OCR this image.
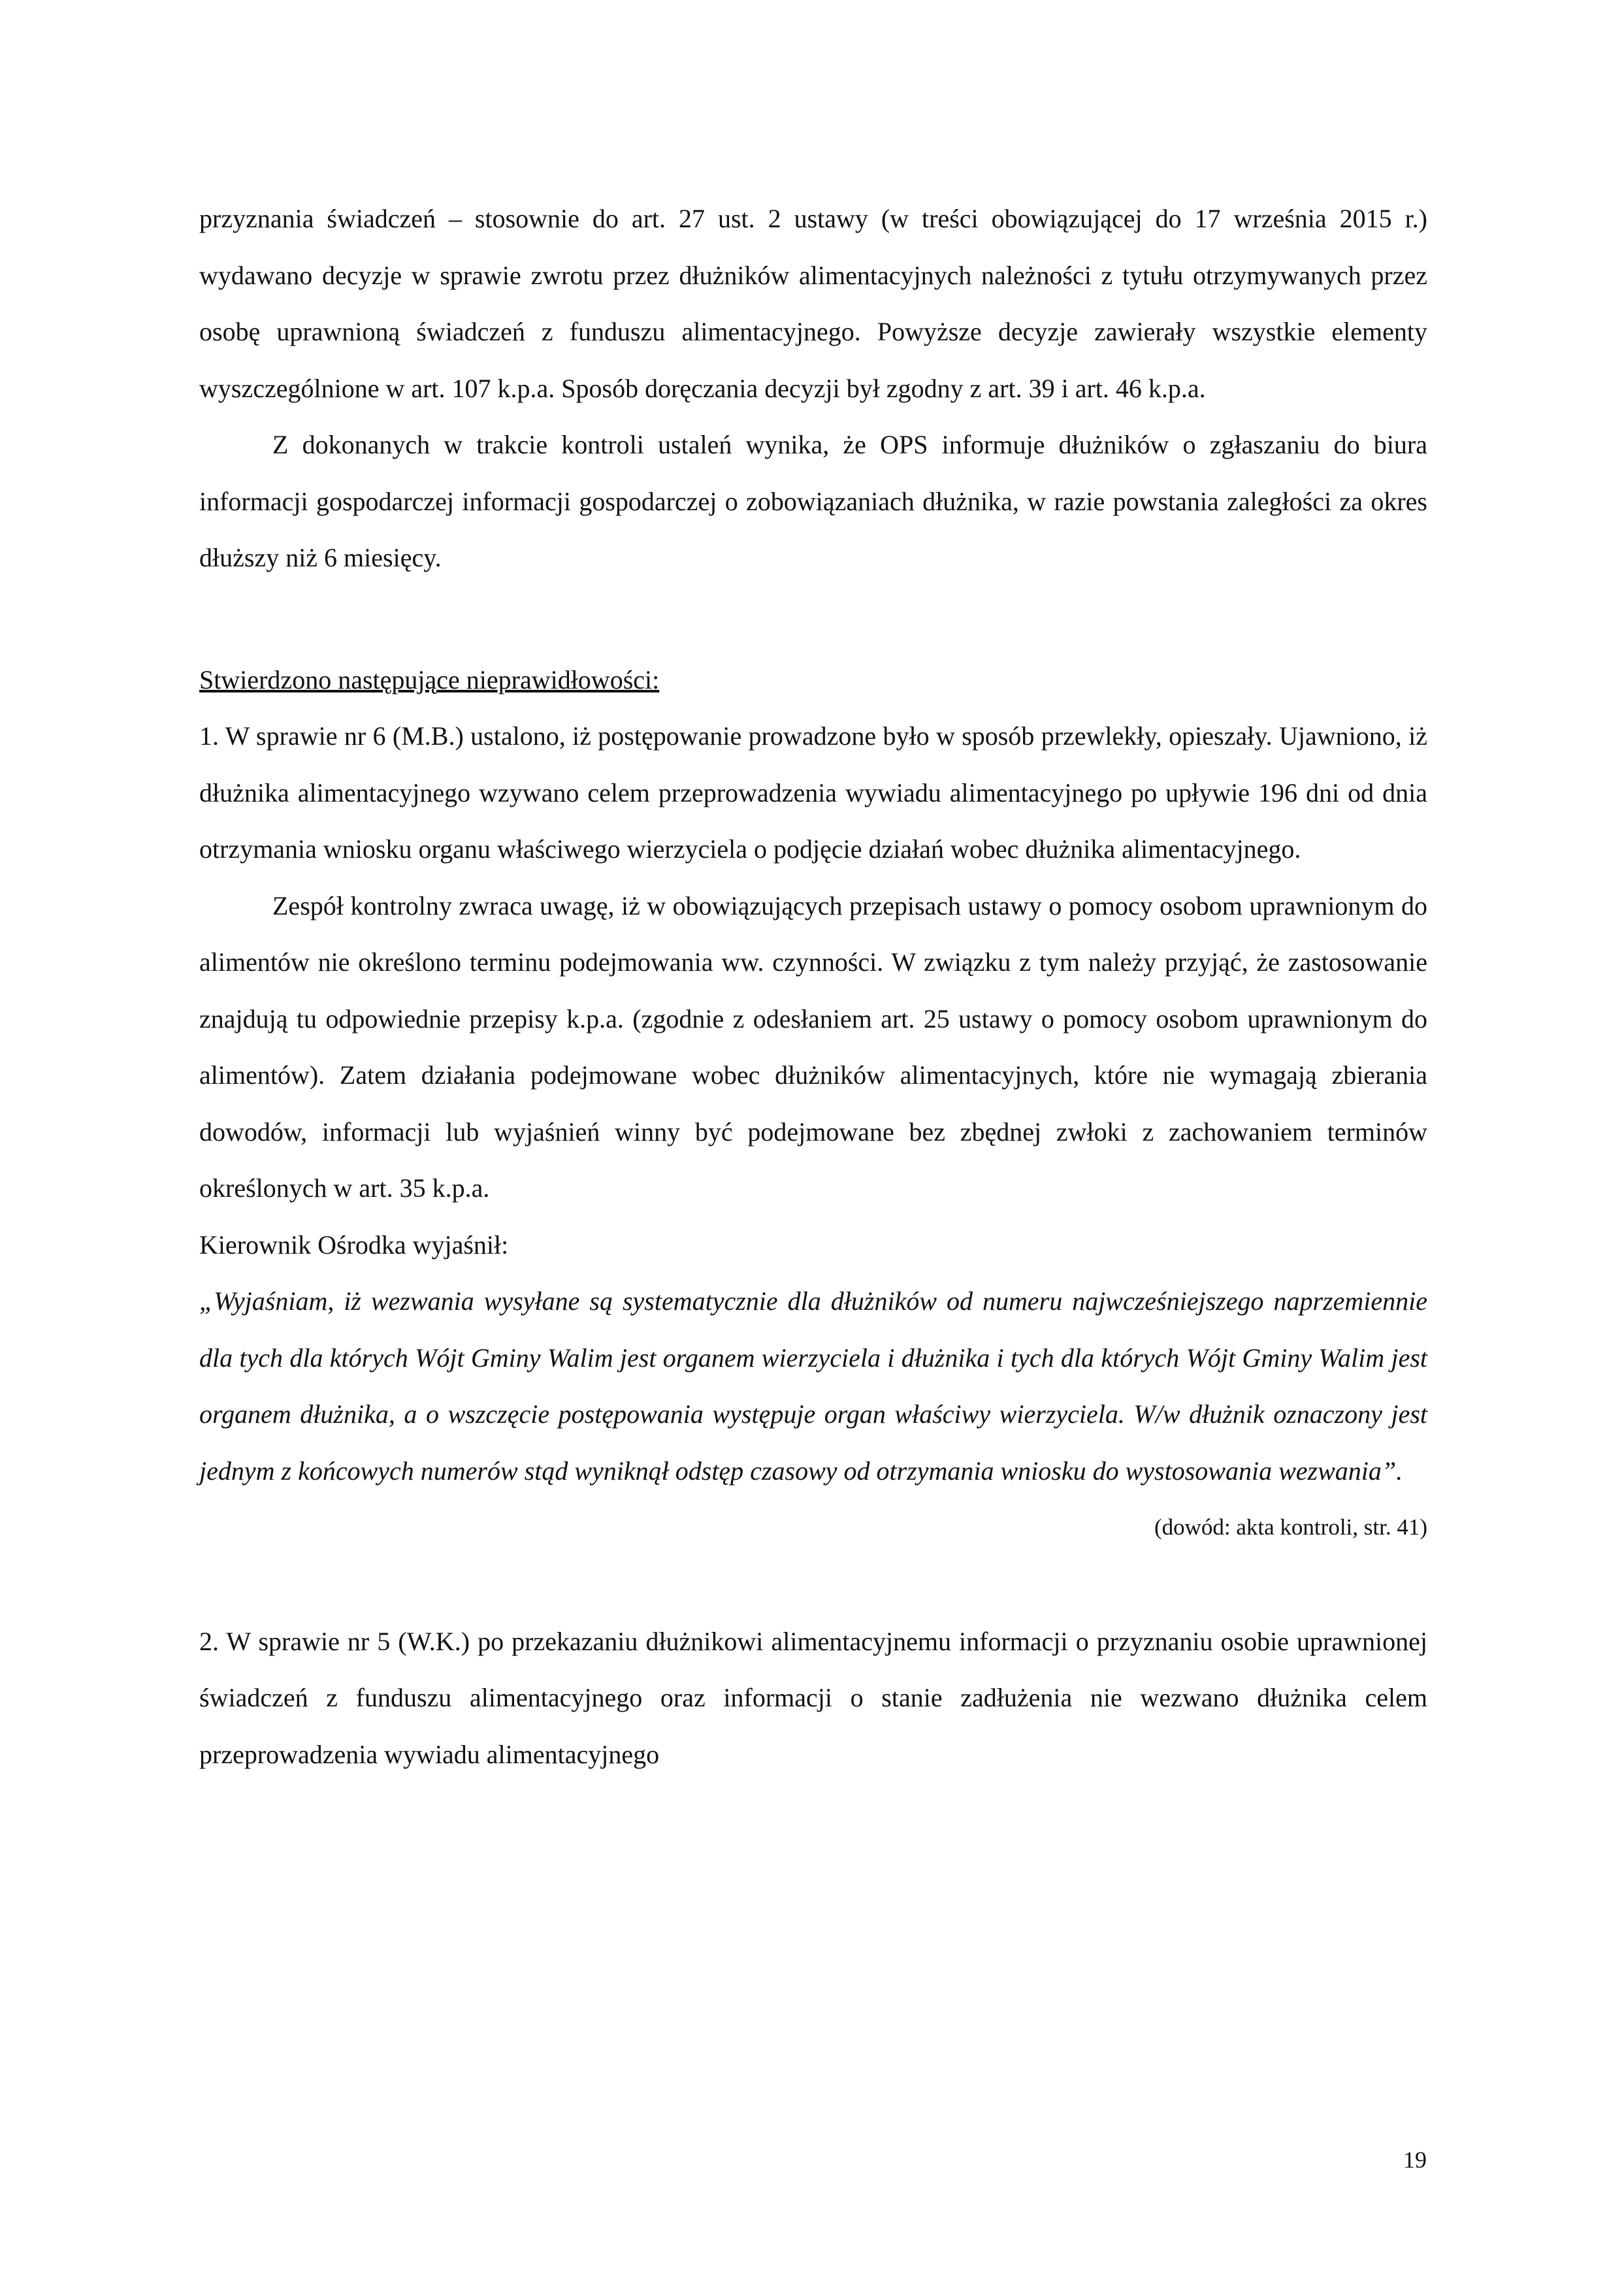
przyznania świadczeń – stosownie do art. 27 ust. 2 ustawy (w treści obowiązującej do 17 września 2015 r.) wydawano decyzje w sprawie zwrotu przez dłużników alimentacyjnych należności z tytułu otrzymywanych przez osobę uprawnioną świadczeń z funduszu alimentacyjnego. Powyższe decyzje zawierały wszystkie elementy wyszczególnione w art. 107 k.p.a. Sposób doręczania decyzji był zgodny z art. 39 i art. 46 k.p.a.

Z dokonanych w trakcie kontroli ustaleń wynika, że OPS informuje dłużników o zgłaszaniu do biura informacji gospodarczej informacji gospodarczej o zobowiązaniach dłużnika, w razie powstania zaległości za okres dłuższy niż 6 miesięcy.

Stwierdzono następujące nieprawidłowości:

1. W sprawie nr 6 (M.B.) ustalono, iż postępowanie prowadzone było w sposób przewlekły, opieszały. Ujawniono, iż dłużnika alimentacyjnego wzywano celem przeprowadzenia wywiadu alimentacyjnego po upływie 196 dni od dnia otrzymania wniosku organu właściwego wierzyciela o podjęcie działań wobec dłużnika alimentacyjnego.

Zespół kontrolny zwraca uwagę, iż w obowiązujących przepisach ustawy o pomocy osobom uprawnionym do alimentów nie określono terminu podejmowania ww. czynności. W związku z tym należy przyjąć, że zastosowanie znajdują tu odpowiednie przepisy k.p.a. (zgodnie z odesłaniem art. 25 ustawy o pomocy osobom uprawnionym do alimentów). Zatem działania podejmowane wobec dłużników alimentacyjnych, które nie wymagają zbierania dowodów, informacji lub wyjaśnień winny być podejmowane bez zbędnej zwłoki z zachowaniem terminów określonych w art. 35 k.p.a.

Kierownik Ośrodka wyjaśnił:

„Wyjaśniam, iż wezwania wysyłane są systematycznie dla dłużników od numeru najwcześniejszego naprzemiennie dla tych dla których Wójt Gminy Walim jest organem wierzyciela i dłużnika i tych dla których Wójt Gminy Walim jest organem dłużnika, a o wszczęcie postępowania występuje organ właściwy wierzyciela. W/w dłużnik oznaczony jest jednym z końcowych numerów stąd wyniknął odstęp czasowy od otrzymania wniosku do wystosowania wezwania”.

(dowód: akta kontroli, str. 41)

2. W sprawie nr 5 (W.K.) po przekazaniu dłużnikowi alimentacyjnemu informacji o przyznaniu osobie uprawnionej świadczeń z funduszu alimentacyjnego oraz informacji o stanie zadłużenia nie wezwano dłużnika celem przeprowadzenia wywiadu alimentacyjnego

19
